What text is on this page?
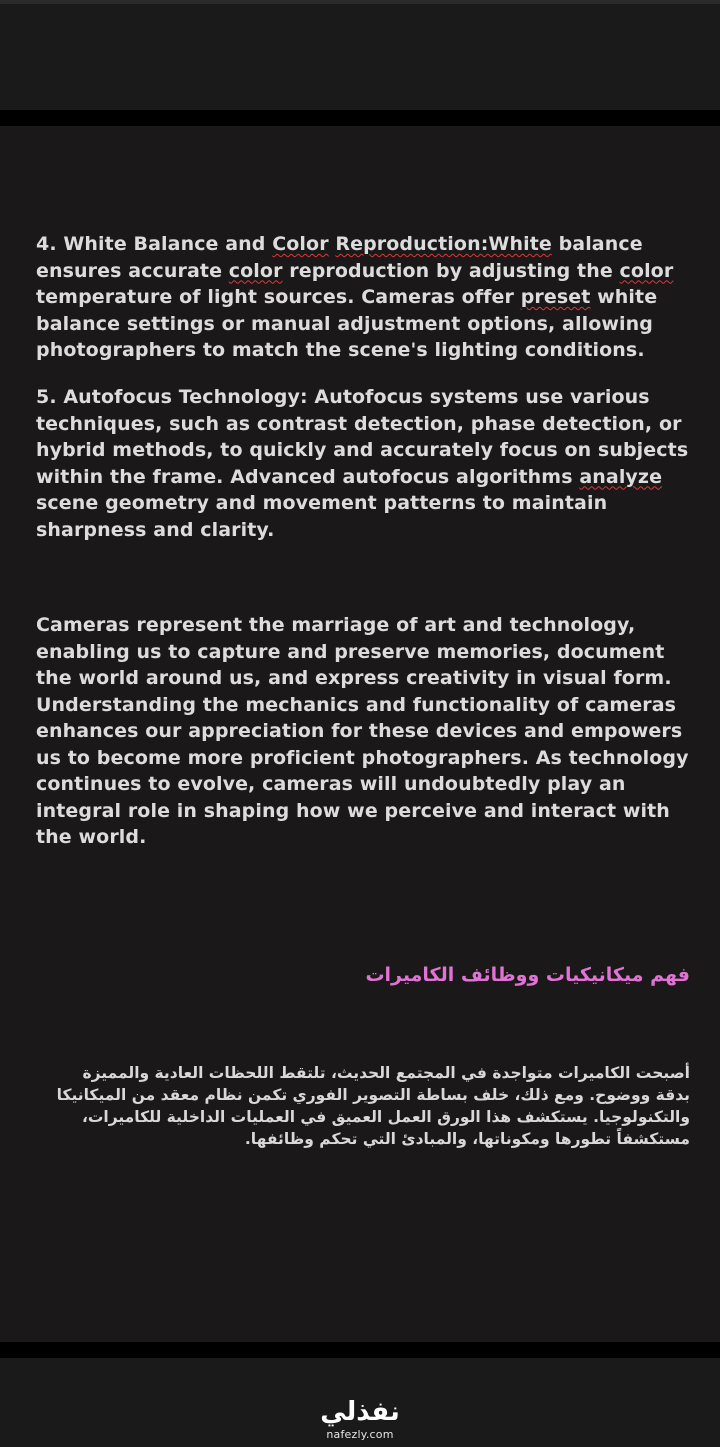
4. White Balance and Color Reproduction:White balance ensures accurate color reproduction by adjusting the color temperature of light sources. Cameras offer preset white balance settings or manual adjustment options, allowing photographers to match the scene's lighting conditions.

5. Autofocus Technology: Autofocus systems use various techniques, such as contrast detection, phase detection, or hybrid methods, to quickly and accurately focus on subjects within the frame. Advanced autofocus algorithms analyze scene geometry and movement patterns to maintain sharpness and clarity.

Cameras represent the marriage of art and technology, enabling us to capture and preserve memories, document the world around us, and express creativity in visual form. Understanding the mechanics and functionality of cameras enhances our appreciation for these devices and empowers us to become more proficient photographers. As technology continues to evolve, cameras will undoubtedly play an integral role in shaping how we perceive and interact with the world.

فهم ميكانيكيات ووظائف الكاميرات

أصبحت الكاميرات متواجدة في المجتمع الحديث، تلتقط اللحظات العادية والمميزة بدقة ووضوح. ومع ذلك، خلف بساطة التصوير الفوري تكمن نظام معقد من الميكانيكا والتكنولوجيا. يستكشف هذا الورق العمل العميق في العمليات الداخلية للكاميرات، مستكشفاً تطورها ومكوناتها، والمبادئ التي تحكم وظائفها.

نفذلي
nafezly.com
